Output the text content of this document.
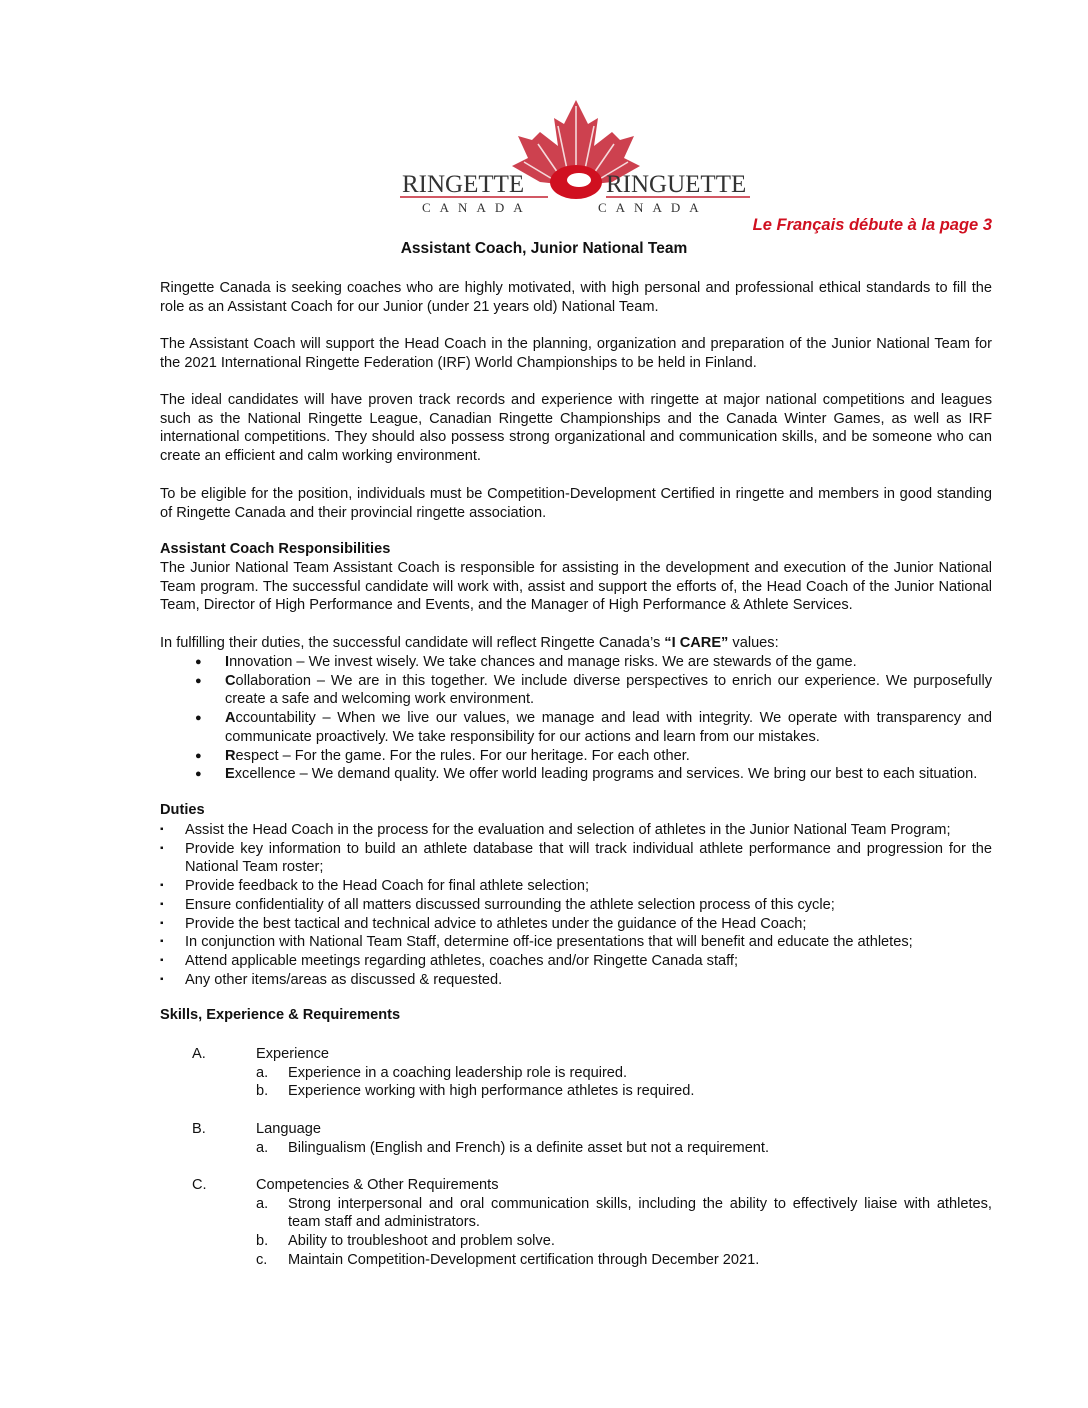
RINGETTE	RINGUETTE
CANADA	CANADA
Le Français débute à la page 3
Assistant Coach, Junior National Team
Ringette Canada is seeking coaches who are highly motivated, with high personal and professional ethical standards to fill the role as an Assistant Coach for our Junior (under 21 years old) National Team.
The Assistant Coach will support the Head Coach in the planning, organization and preparation of the Junior National Team for the 2021 International Ringette Federation (IRF) World Championships to be held in Finland.
The ideal candidates will have proven track records and experience with ringette at major national competitions and leagues such as the National Ringette League, Canadian Ringette Championships and the Canada Winter Games, as well as IRF international competitions. They should also possess strong organizational and communication skills, and be someone who can create an efficient and calm working environment.
To be eligible for the position, individuals must be Competition-Development Certified in ringette and members in good standing of Ringette Canada and their provincial ringette association.
Assistant Coach Responsibilities
The Junior National Team Assistant Coach is responsible for assisting in the development and execution of the Junior National Team program. The successful candidate will work with, assist and support the efforts of, the Head Coach of the Junior National Team, Director of High Performance and Events, and the Manager of High Performance & Athlete Services.
In fulfilling their duties, the successful candidate will reflect Ringette Canada’s “I CARE” values:
● Innovation – We invest wisely. We take chances and manage risks. We are stewards of the game.
● Collaboration – We are in this together. We include diverse perspectives to enrich our experience. We purposefully create a safe and welcoming work environment.
● Accountability – When we live our values, we manage and lead with integrity. We operate with transparency and communicate proactively. We take responsibility for our actions and learn from our mistakes.
● Respect – For the game. For the rules. For our heritage. For each other.
● Excellence – We demand quality. We offer world leading programs and services. We bring our best to each situation.
Duties
▪ Assist the Head Coach in the process for the evaluation and selection of athletes in the Junior National Team Program;
▪ Provide key information to build an athlete database that will track individual athlete performance and progression for the National Team roster;
▪ Provide feedback to the Head Coach for final athlete selection;
▪ Ensure confidentiality of all matters discussed surrounding the athlete selection process of this cycle;
▪ Provide the best tactical and technical advice to athletes under the guidance of the Head Coach;
▪ In conjunction with National Team Staff, determine off-ice presentations that will benefit and educate the athletes;
▪ Attend applicable meetings regarding athletes, coaches and/or Ringette Canada staff;
▪ Any other items/areas as discussed & requested.
Skills, Experience & Requirements
A.	Experience
a. Experience in a coaching leadership role is required.
b. Experience working with high performance athletes is required.
B.	Language
a. Bilingualism (English and French) is a definite asset but not a requirement.
C.	Competencies & Other Requirements
a. Strong interpersonal and oral communication skills, including the ability to effectively liaise with athletes, team staff and administrators.
b. Ability to troubleshoot and problem solve.
c. Maintain Competition-Development certification through December 2021.
